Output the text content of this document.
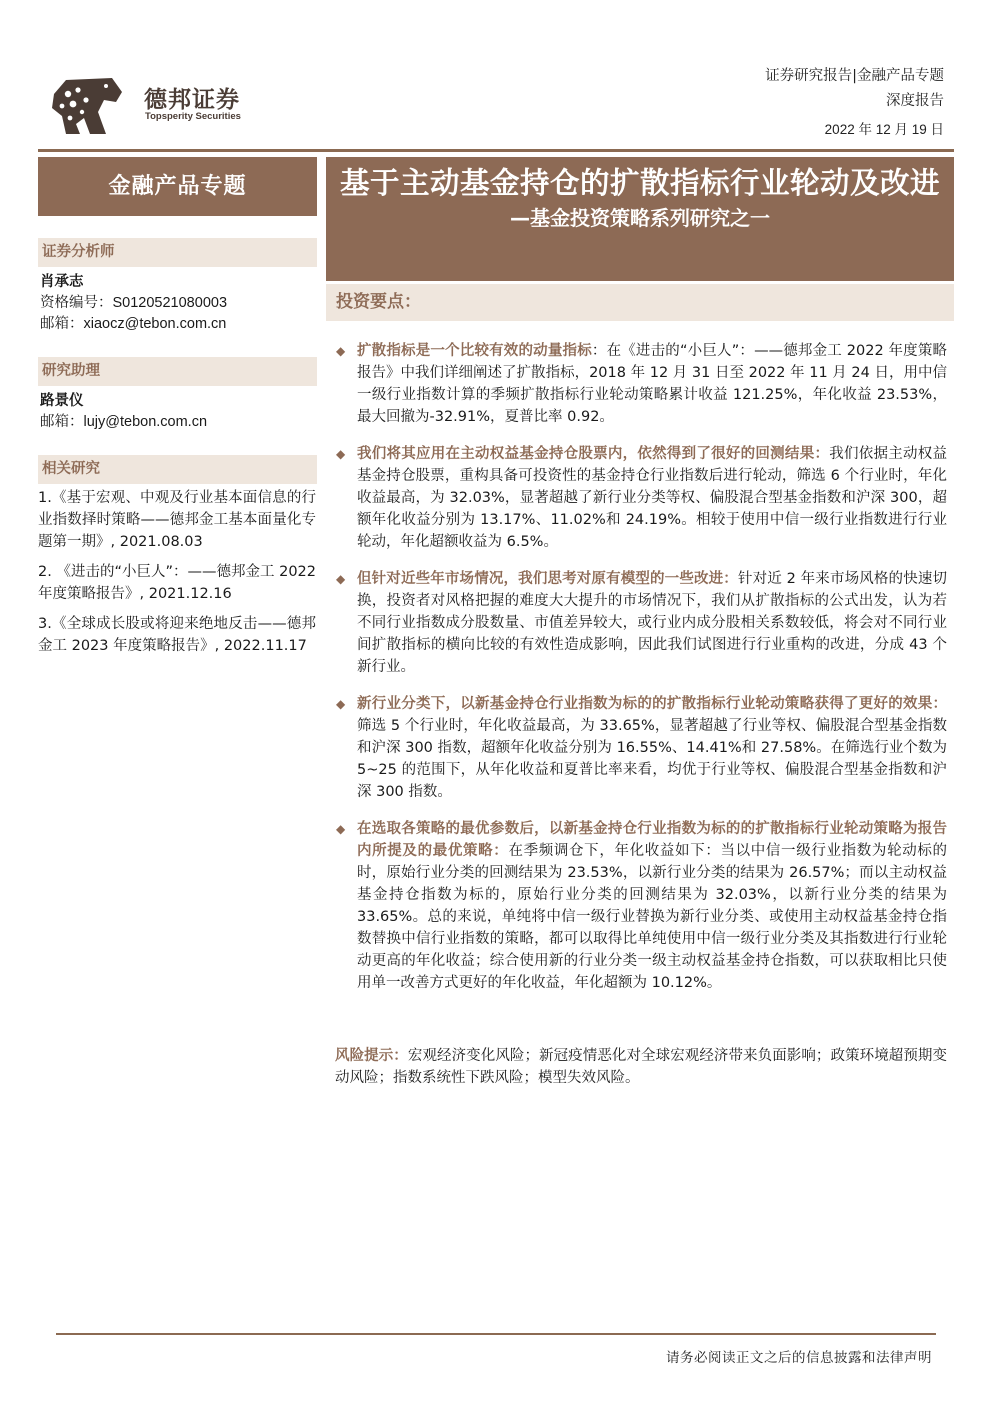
德邦证券
Topsperity Securities
证券研究报告|金融产品专题
深度报告
2022 年 12 月 19 日
金融产品专题	基于主动基金持仓的扩散指标行业轮动及改进
—基金投资策略系列研究之一
投资要点：
证券分析师
肖承志
资格编号：S0120521080003
邮箱：xiaocz@tebon.com.cn
研究助理
路景仪
邮箱：lujy@tebon.com.cn
相关研究
1.《基于宏观、中观及行业基本面信息的行业指数择时策略——德邦金工基本面量化专题第一期》, 2021.08.03
2. 《进击的“小巨人”：——德邦金工 2022 年度策略报告》, 2021.12.16
3.《全球成长股或将迎来绝地反击——德邦金工 2023 年度策略报告》, 2022.11.17
◆ 扩散指标是一个比较有效的动量指标：在《进击的“小巨人”：——德邦金工 2022 年度策略报告》中我们详细阐述了扩散指标，2018 年 12 月 31 日至 2022 年 11 月 24 日，用中信一级行业指数计算的季频扩散指标行业轮动策略累计收益 121.25%，年化收益 23.53%，最大回撤为-32.91%，夏普比率 0.92。
◆ 我们将其应用在主动权益基金持仓股票内，依然得到了很好的回测结果：我们依据主动权益基金持仓股票，重构具备可投资性的基金持仓行业指数后进行轮动，筛选 6 个行业时，年化收益最高，为 32.03%，显著超越了新行业分类等权、偏股混合型基金指数和沪深 300，超额年化收益分别为 13.17%、11.02%和 24.19%。相较于使用中信一级行业指数进行行业轮动，年化超额收益为 6.5%。
◆ 但针对近些年市场情况，我们思考对原有模型的一些改进：针对近 2 年来市场风格的快速切换，投资者对风格把握的难度大大提升的市场情况下，我们从扩散指标的公式出发，认为若不同行业指数成分股数量、市值差异较大，或行业内成分股相关系数较低，将会对不同行业间扩散指标的横向比较的有效性造成影响，因此我们试图进行行业重构的改进，分成 43 个新行业。
◆ 新行业分类下，以新基金持仓行业指数为标的的扩散指标行业轮动策略获得了更好的效果：筛选 5 个行业时，年化收益最高，为 33.65%，显著超越了行业等权、偏股混合型基金指数和沪深 300 指数，超额年化收益分别为 16.55%、14.41%和 27.58%。在筛选行业个数为 5~25 的范围下，从年化收益和夏普比率来看，均优于行业等权、偏股混合型基金指数和沪深 300 指数。
◆ 在选取各策略的最优参数后，以新基金持仓行业指数为标的的扩散指标行业轮动策略为报告内所提及的最优策略：在季频调仓下，年化收益如下：当以中信一级行业指数为轮动标的时，原始行业分类的回测结果为 23.53%，以新行业分类的结果为 26.57%；而以主动权益基金持仓指数为标的，原始行业分类的回测结果为 32.03%，以新行业分类的结果为 33.65%。总的来说，单纯将中信一级行业替换为新行业分类、或使用主动权益基金持仓指数替换中信行业指数的策略，都可以取得比单纯使用中信一级行业分类及其指数进行行业轮动更高的年化收益；综合使用新的行业分类一级主动权益基金持仓指数，可以获取相比只使用单一改善方式更好的年化收益，年化超额为 10.12%。
风险提示：宏观经济变化风险；新冠疫情恶化对全球宏观经济带来负面影响；政策环境超预期变动风险；指数系统性下跌风险；模型失效风险。
请务必阅读正文之后的信息披露和法律声明
